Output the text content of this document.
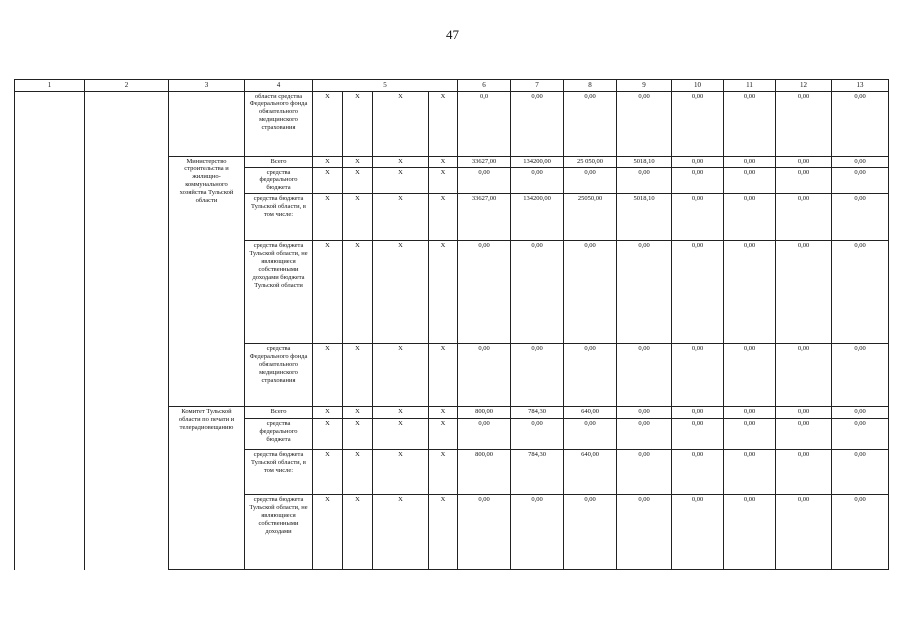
47
1	2	3	4	5				6	7	8	9	10	11	12	13
			области средства Федерального фонда обязательного медицинского страхования	X	X	X	X	0,0	0,00	0,00	0,00	0,00	0,00	0,00	0,00
		Министерство строительства и жилищно-коммунального хозяйства Тульской области	Всего	X	X	X	X	33627,00	134200,00	25 050,00	5018,10	0,00	0,00	0,00	0,00
			средства федерального бюджета	X	X	X	X	0,00	0,00	0,00	0,00	0,00	0,00	0,00	0,00
			средства бюджета Тульской области, в том числе:	X	X	X	X	33627,00	134200,00	25050,00	5018,10	0,00	0,00	0,00	0,00
			средства бюджета Тульской области, не являющиеся собственными доходами бюджета Тульской области	X	X	X	X	0,00	0,00	0,00	0,00	0,00	0,00	0,00	0,00
			средства Федерального фонда обязательного медицинского страхования	X	X	X	X	0,00	0,00	0,00	0,00	0,00	0,00	0,00	0,00
		Комитет Тульской области по печати и телерадиовещанию	Всего	X	X	X	X	800,00	784,30	640,00	0,00	0,00	0,00	0,00	0,00
			средства федерального бюджета	X	X	X	X	0,00	0,00	0,00	0,00	0,00	0,00	0,00	0,00
			средства бюджета Тульской области, в том числе:	X	X	X	X	800,00	784,30	640,00	0,00	0,00	0,00	0,00	0,00
			средства бюджета Тульской области, не являющиеся собственными доходами	X	X	X	X	0,00	0,00	0,00	0,00	0,00	0,00	0,00	0,00
